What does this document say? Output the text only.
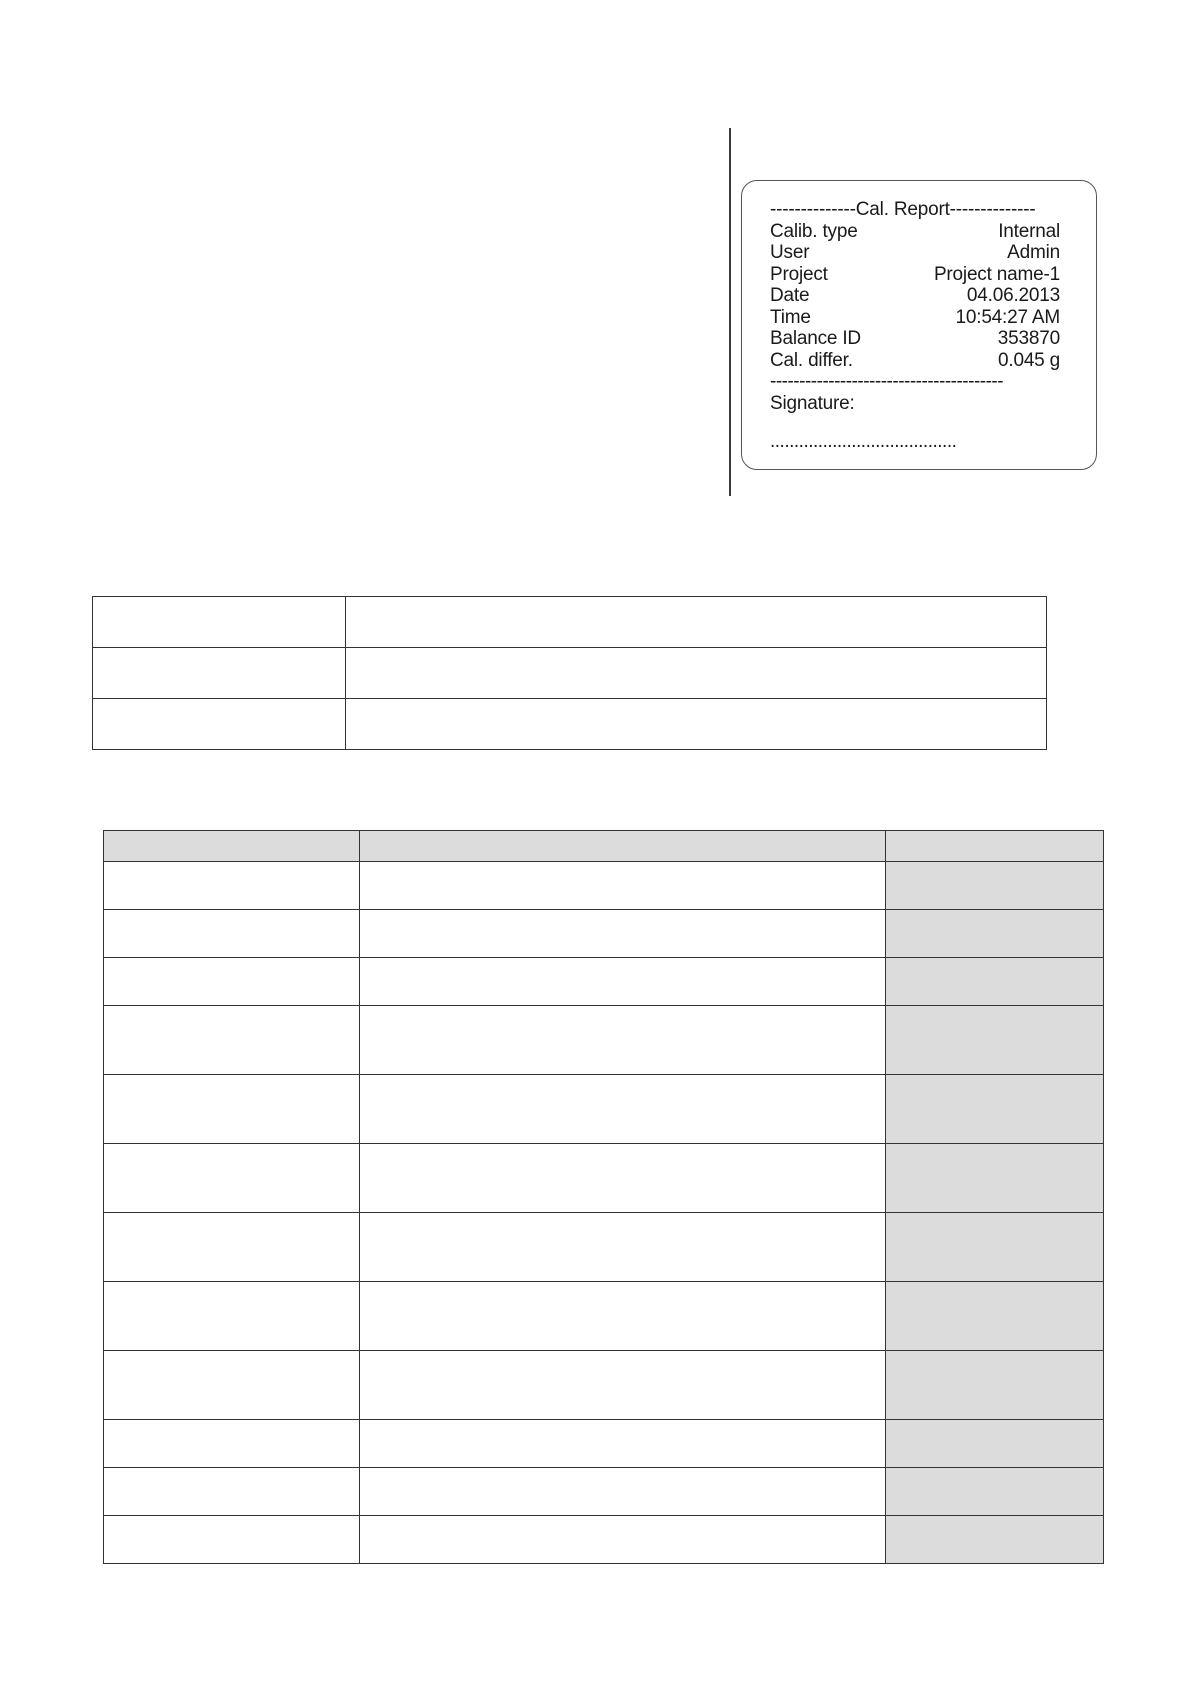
--------------Cal. Report--------------
Calib. type	Internal
User	Admin
Project	Project name-1
Date	04.06.2013
Time	10:54:27 AM
Balance ID	353870
Cal. differ.	0.045 g
----------------------------------------
Signature:
.......................................
